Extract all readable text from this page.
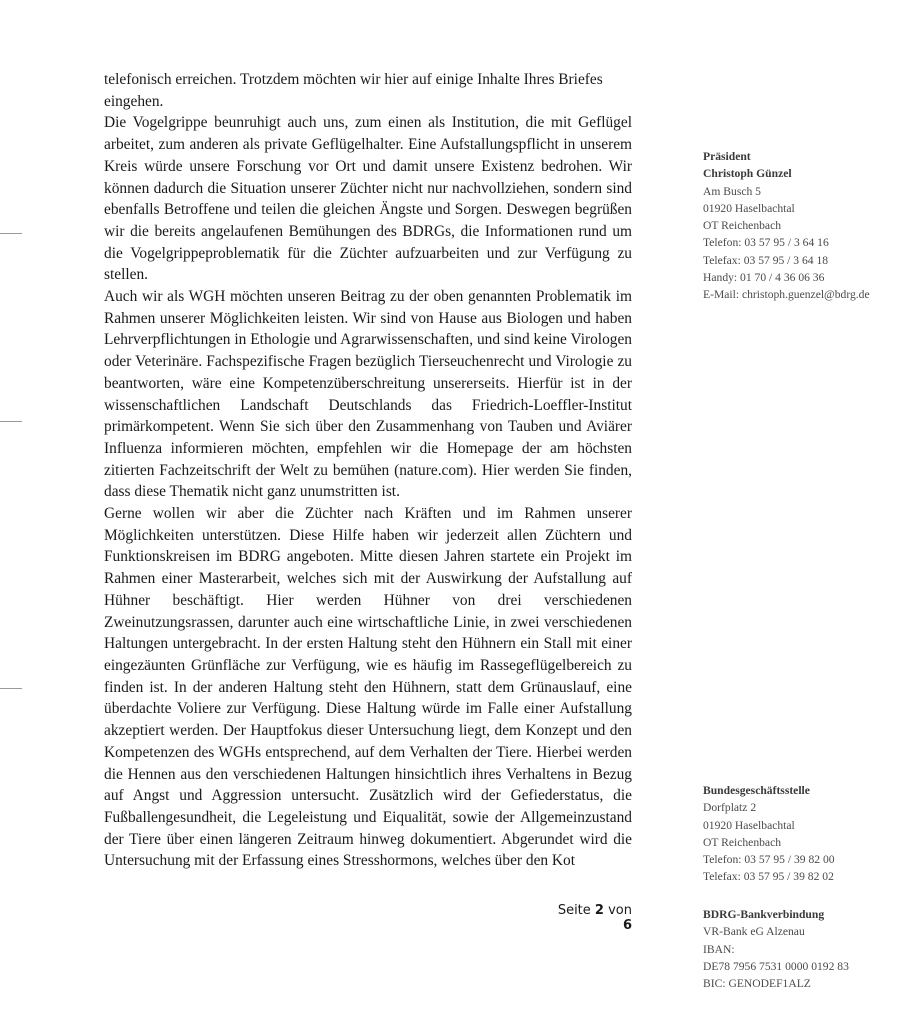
telefonisch erreichen. Trotzdem möchten wir hier auf einige Inhalte Ihres Briefes eingehen.

Die Vogelgrippe beunruhigt auch uns, zum einen als Institution, die mit Geflügel arbeitet, zum anderen als private Geflügelhalter. Eine Aufstallungspflicht in unserem Kreis würde unsere Forschung vor Ort und damit unsere Existenz bedrohen. Wir können dadurch die Situation unserer Züchter nicht nur nachvollziehen, sondern sind ebenfalls Betroffene und teilen die gleichen Ängste und Sorgen. Deswegen begrüßen wir die bereits angelaufenen Bemühungen des BDRGs, die Informationen rund um die Vogelgrippeproblematik für die Züchter aufzuarbeiten und zur Verfügung zu stellen.

Auch wir als WGH möchten unseren Beitrag zu der oben genannten Problematik im Rahmen unserer Möglichkeiten leisten. Wir sind von Hause aus Biologen und haben Lehrverpflichtungen in Ethologie und Agrarwissenschaften, und sind keine Virologen oder Veterinäre. Fachspezifische Fragen bezüglich Tierseuchenrecht und Virologie zu beantworten, wäre eine Kompetenzüberschreitung unsererseits. Hierfür ist in der wissenschaftlichen Landschaft Deutschlands das Friedrich-Loeffler-Institut primärkompetent. Wenn Sie sich über den Zusammenhang von Tauben und Aviärer Influenza informieren möchten, empfehlen wir die Homepage der am höchsten zitierten Fachzeitschrift der Welt zu bemühen (nature.com). Hier werden Sie finden, dass diese Thematik nicht ganz unumstritten ist.

Gerne wollen wir aber die Züchter nach Kräften und im Rahmen unserer Möglichkeiten unterstützen. Diese Hilfe haben wir jederzeit allen Züchtern und Funktionskreisen im BDRG angeboten. Mitte diesen Jahren startete ein Projekt im Rahmen einer Masterarbeit, welches sich mit der Auswirkung der Aufstallung auf Hühner beschäftigt. Hier werden Hühner von drei verschiedenen Zweinutzungsrassen, darunter auch eine wirtschaftliche Linie, in zwei verschiedenen Haltungen untergebracht. In der ersten Haltung steht den Hühnern ein Stall mit einer eingezäunten Grünfläche zur Verfügung, wie es häufig im Rassegeflügelbereich zu finden ist. In der anderen Haltung steht den Hühnern, statt dem Grünauslauf, eine überdachte Voliere zur Verfügung. Diese Haltung würde im Falle einer Aufstallung akzeptiert werden. Der Hauptfokus dieser Untersuchung liegt, dem Konzept und den Kompetenzen des WGHs entsprechend, auf dem Verhalten der Tiere. Hierbei werden die Hennen aus den verschiedenen Haltungen hinsichtlich ihres Verhaltens in Bezug auf Angst und Aggression untersucht. Zusätzlich wird der Gefiederstatus, die Fußballengesundheit, die Legeleistung und Eiqualität, sowie der Allgemeinzustand der Tiere über einen längeren Zeitraum hinweg dokumentiert. Abgerundet wird die Untersuchung mit der Erfassung eines Stresshormons, welches über den Kot

Seite 2 von 6
Präsident
Christoph Günzel
Am Busch 5
01920 Haselbachtal
OT Reichenbach
Telefon: 03 57 95 / 3 64 16
Telefax: 03 57 95 / 3 64 18
Handy: 01 70 / 4 36 06 36
E-Mail: christoph.guenzel@bdrg.de
Bundesgeschäftsstelle
Dorfplatz 2
01920 Haselbachtal
OT Reichenbach
Telefon: 03 57 95 / 39 82 00
Telefax: 03 57 95 / 39 82 02
BDRG-Bankverbindung
VR-Bank eG Alzenau
IBAN:
DE78 7956 7531 0000 0192 83
BIC: GENODEF1ALZ
